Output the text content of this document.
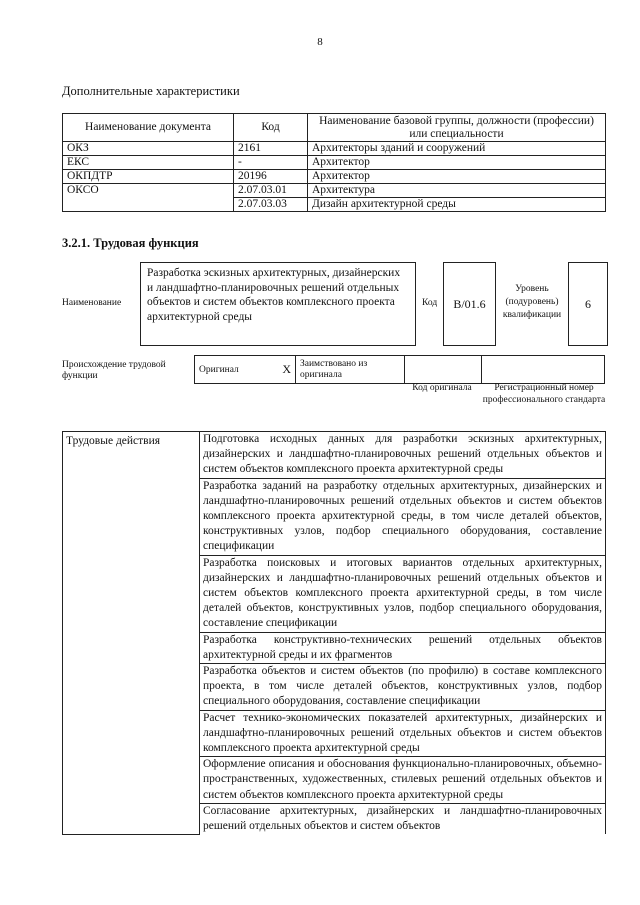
8
Дополнительные характеристики
Наименование документа	Код	Наименование базовой группы, должности (профессии) или специальности
ОКЗ	2161	Архитекторы зданий и сооружений
ЕКС	-	Архитектор
ОКПДТР	20196	Архитектор
ОКСО	2.07.03.01	Архитектура
	2.07.03.03	Дизайн архитектурной среды
3.2.1. Трудовая функция
Наименование
Разработка эскизных архитектурных, дизайнерских и ландшафтно-планировочных решений отдельных объектов и систем объектов комплексного проекта архитектурной среды
Код	В/01.6
Уровень (подуровень) квалификации
6
Происхождение трудовой функции
Оригинал	X	Заимствовано из оригинала		
Код оригинала	Регистрационный номер профессионального стандарта
Трудовые действия	Подготовка исходных данных для разработки эскизных архитектурных, дизайнерских и ландшафтно-планировочных решений отдельных объектов и систем объектов комплексного проекта архитектурной среды

Разработка заданий на разработку отдельных архитектурных, дизайнерских и ландшафтно-планировочных решений отдельных объектов и систем объектов комплексного проекта архитектурной среды, в том числе деталей объектов, конструктивных узлов, подбор специального оборудования, составление спецификации

Разработка поисковых и итоговых вариантов отдельных архитектурных, дизайнерских и ландшафтно-планировочных решений отдельных объектов и систем объектов комплексного проекта архитектурной среды, в том числе деталей объектов, конструктивных узлов, подбор специального оборудования, составление спецификации

Разработка конструктивно-технических решений отдельных объектов архитектурной среды и их фрагментов

Разработка объектов и систем объектов (по профилю) в составе комплексного проекта, в том числе деталей объектов, конструктивных узлов, подбор специального оборудования, составление спецификации

Расчет технико-экономических показателей архитектурных, дизайнерских и ландшафтно-планировочных решений отдельных объектов и систем объектов комплексного проекта архитектурной среды

Оформление описания и обоснования функционально-планировочных, объемно-пространственных, художественных, стилевых решений отдельных объектов и систем объектов комплексного проекта архитектурной среды

Согласование архитектурных, дизайнерских и ландшафтно-планировочных решений отдельных объектов и систем объектов
